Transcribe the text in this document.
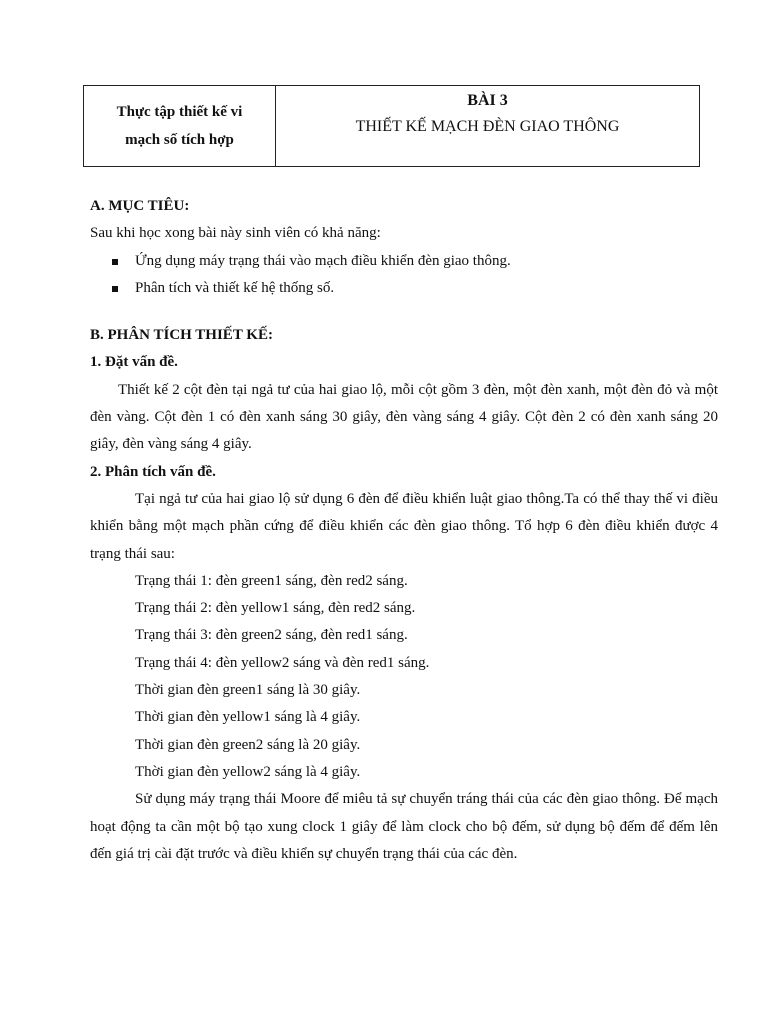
Thực tập thiết kế vi
mạch số tích hợp
BÀI 3
THIẾT KẾ MẠCH ĐÈN GIAO THÔNG

A. MỤC TIÊU:

Sau khi học xong bài này sinh viên có khả năng:

Ứng dụng máy trạng thái vào mạch điều khiển đèn giao thông.

Phân tích và thiết kế hệ thống số.

B. PHÂN TÍCH THIẾT KẾ:

1. Đặt vấn đề.

Thiết kế 2 cột đèn tại ngả tư của hai giao lộ, mỗi cột gồm 3 đèn, một đèn xanh, một đèn đỏ và một đèn vàng. Cột đèn 1 có đèn xanh sáng 30 giây, đèn vàng sáng 4 giây. Cột đèn 2 có đèn xanh sáng 20 giây, đèn vàng sáng 4 giây.

2. Phân tích vấn đề.

Tại ngả tư của hai giao lộ sử dụng 6 đèn để điều khiển luật giao thông.Ta có thể thay thế vi điều khiển bằng một mạch phần cứng để điều khiển các đèn giao thông. Tổ hợp 6 đèn điều khiển được 4 trạng thái sau:

Trạng thái 1: đèn green1 sáng, đèn red2 sáng.

Trạng thái 2: đèn yellow1 sáng, đèn red2 sáng.

Trạng thái 3: đèn green2 sáng, đèn red1 sáng.

Trạng thái 4: đèn yellow2 sáng và đèn red1 sáng.

Thời gian đèn green1 sáng là 30 giây.

Thời gian đèn yellow1 sáng là 4 giây.

Thời gian đèn green2 sáng là 20 giây.

Thời gian đèn yellow2 sáng là 4 giây.

Sử dụng máy trạng thái Moore để miêu tả sự chuyển tráng thái của các đèn giao thông. Để mạch hoạt động ta cần một bộ tạo xung clock 1 giây để làm clock cho bộ đếm, sử dụng bộ đếm để đếm lên đến giá trị cài đặt trước và điều khiển sự chuyển trạng thái của các đèn.
